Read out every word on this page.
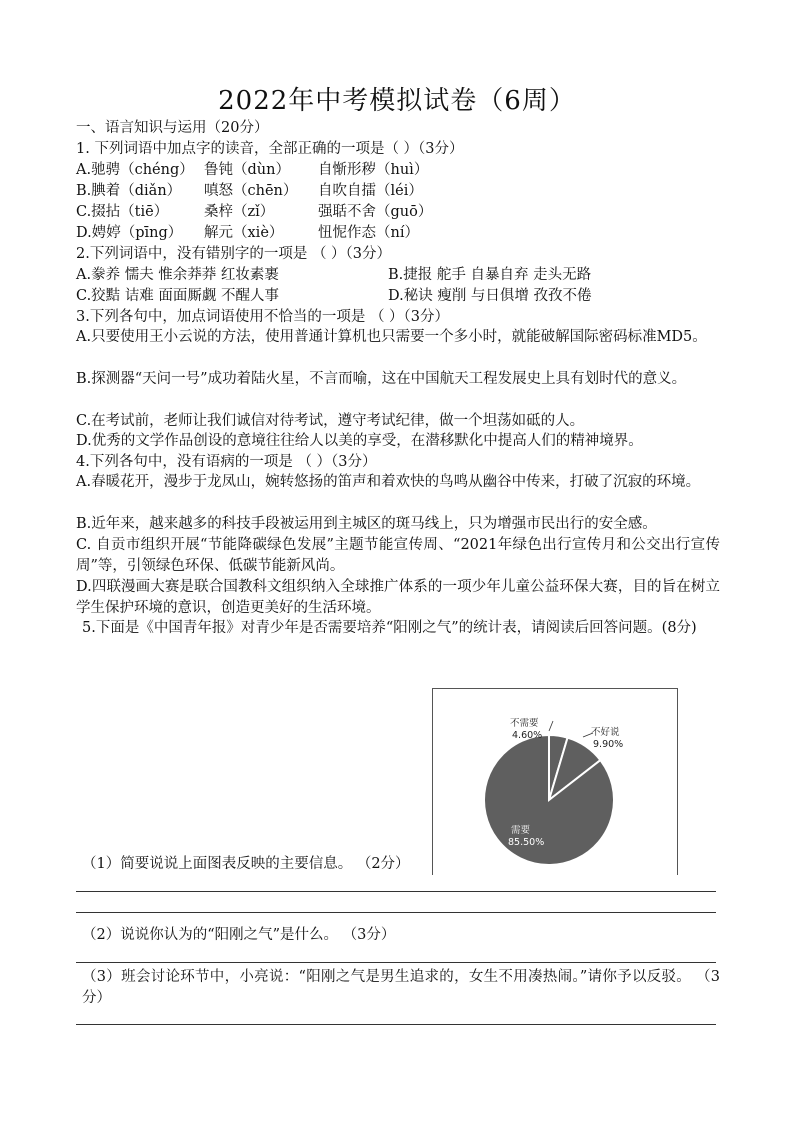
2022年中考模拟试卷（6周）
一、语言知识与运用（20分）
1. 下列词语中加点字的读音，全部正确的一项是（ ）（3分）
A.驰骋（chéng） 鲁钝（dùn） 自惭形秽（huì）
B.腆着（diǎn） 嗔怒（chēn） 自吹自擂（léi）
C.掇拈（tiē） 桑梓（zǐ）	强聒不舍（guō）
D.娉婷（pīng） 解元（xiè） 忸怩作态（ní）
2.下列词语中，没有错别字的一项是 （ ）（3分）
A.豢养 懦夫 惟余莽莽 红妆素裹	B.捷报 舵手 自暴自弃 走头无路
C.狡黠 诘难 面面厮觑 不醒人事	D.秘诀 瘦削 与日俱增 孜孜不倦
3.下列各句中，加点词语使用不恰当的一项是 （ ）（3分）
A.只要使用王小云说的方法，使用普通计算机也只需要一个多小时，就能破解国际密码标准MD5。
B.探测器“天问一号”成功着陆火星，不言而喻，这在中国航天工程发展史上具有划时代的意义。
C.在考试前，老师让我们诚信对待考试，遵守考试纪律，做一个坦荡如砥的人。
D.优秀的文学作品创设的意境往往给人以美的享受，在潜移默化中提高人们的精神境界。
4.下列各句中，没有语病的一项是 （ ）（3分）
A.春暖花开，漫步于龙凤山，婉转悠扬的笛声和着欢快的鸟鸣从幽谷中传来，打破了沉寂的环境。
B.近年来，越来越多的科技手段被运用到主城区的斑马线上，只为增强市民出行的安全感。
C. 自贡市组织开展“节能降碳绿色发展”主题节能宣传周、“2021年绿色出行宣传月和公交出行宣传周”等，引领绿色环保、低碳节能新风尚。
D.四联漫画大赛是联合国教科文组织纳入全球推广体系的一项少年儿童公益环保大赛，目的旨在树立学生保护环境的意识，创造更美好的生活环境。
5.下面是《中国青年报》对青少年是否需要培养“阳刚之气”的统计表，请阅读后回答问题。(8分)
不需要
4.60%	不好说
9.90%
需要
85.50%
（1）简要说说上面图表反映的主要信息。 （2分）
（2）说说你认为的“阳刚之气”是什么。 （3分）
（3）班会讨论环节中，小亮说：“阳刚之气是男生追求的，女生不用凑热闹。”请你予以反驳。 （3分）
